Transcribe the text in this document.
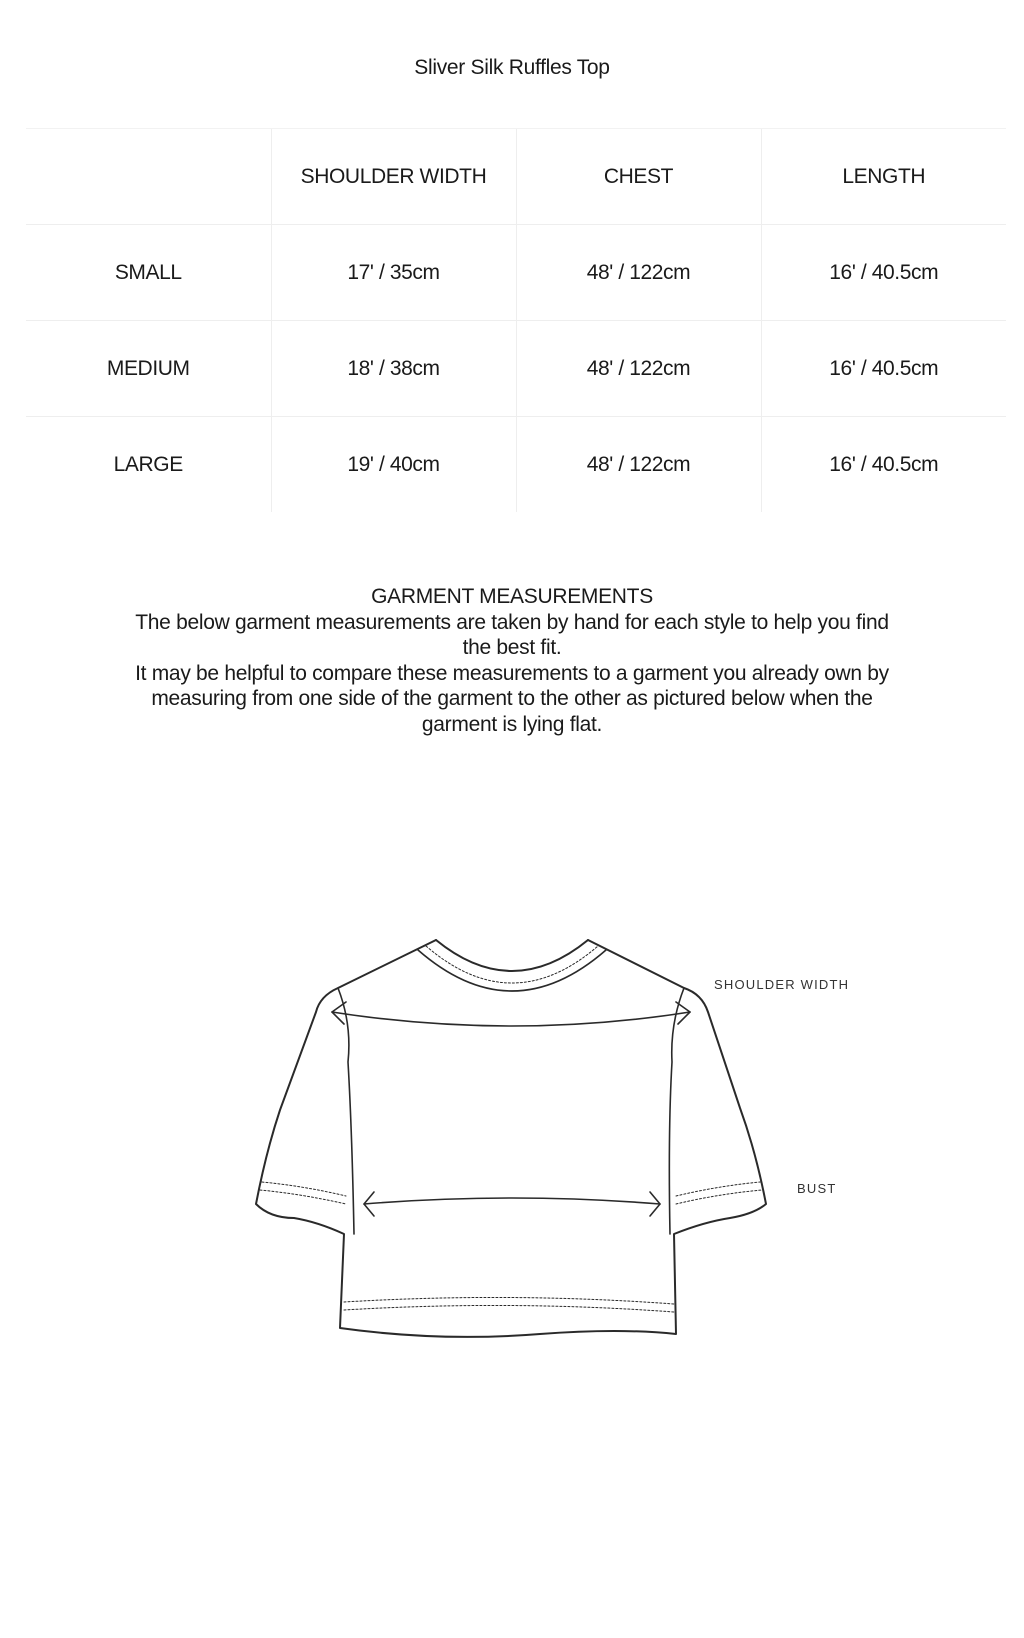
Sliver Silk Ruffles Top
	SHOULDER WIDTH	CHEST	LENGTH
SMALL	17' / 35cm	48' / 122cm	16' / 40.5cm
MEDIUM	18' / 38cm	48' / 122cm	16' / 40.5cm
LARGE	19' / 40cm	48' / 122cm	16' / 40.5cm

GARMENT MEASUREMENTS

The below garment measurements are taken by hand for each style to help you find the best fit.

It may be helpful to compare these measurements to a garment you already own by measuring from one side of the garment to the other as pictured below when the garment is lying flat.

SHOULDER WIDTH
BUST
